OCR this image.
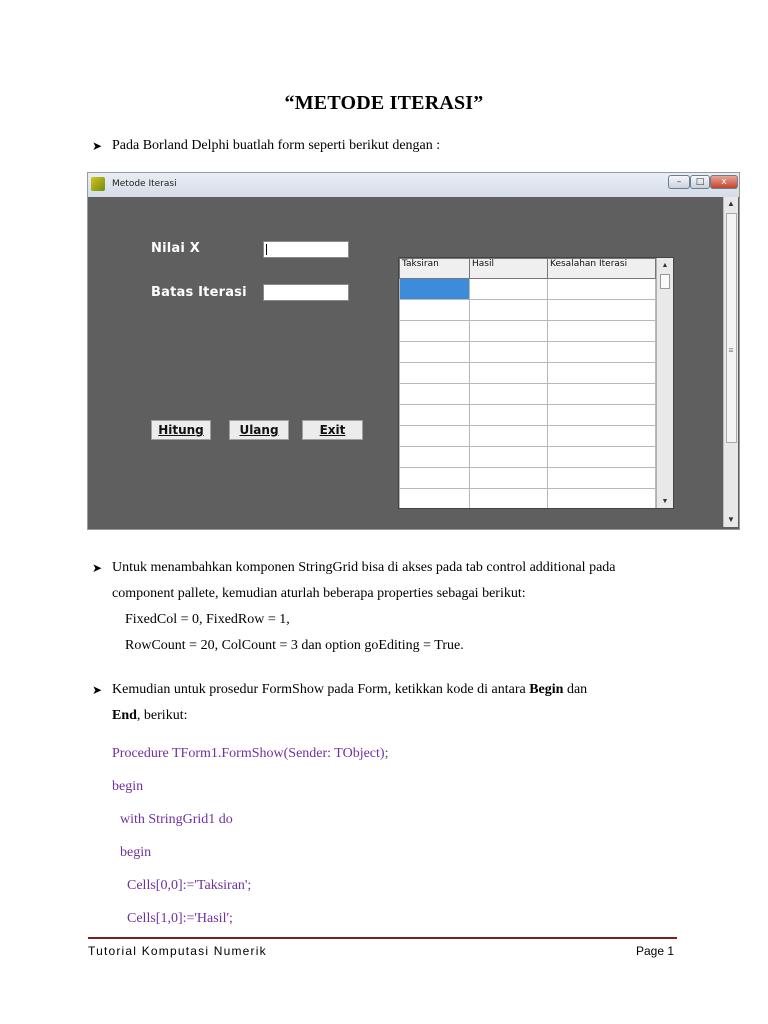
“METODE ITERASI”
➤ Pada Borland Delphi buatlah form seperti berikut dengan :
Metode Iterasi	–	□	x
Nilai X
Batas Iterasi
Hitung	Ulang	Exit
Taksiran	Hasil	Kesalahan Iterasi

			▲
▼
▲
≡
▼
➤ Untuk menambahkan komponen StringGrid bisa di akses pada tab control additional pada

component pallete, kemudian aturlah beberapa properties sebagai berikut:

FixedCol = 0, FixedRow = 1,

RowCount = 20, ColCount = 3 dan option goEditing = True.

➤ Kemudian untuk prosedur FormShow pada Form, ketikkan kode di antara Begin dan

End, berikut:

Procedure TForm1.FormShow(Sender: TObject);
begin
with StringGrid1 do
begin
Cells[0,0]:='Taksiran';
Cells[1,0]:='Hasil';
Tutorial Komputasi Numerik	Page 1
